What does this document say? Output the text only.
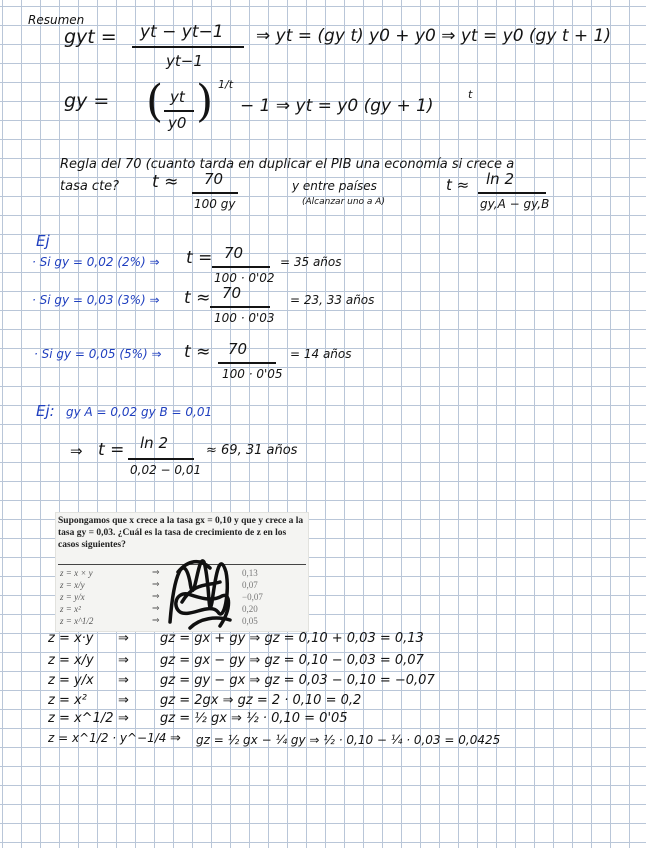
Resumen
gyt = yt − yt−1
yt−1
⇒ yt = (gy t) y0 + y0 ⇒ yt = y0 (gy t + 1)
gy = ( yt
y0 ) 1/t
− 1 ⇒ yt = y0 (gy + 1)
t
Regla del 70 (cuanto tarda en duplicar el PIB una economía si crece a
tasa cte? t ≈ 70
100 gy
y entre países
(Alcanzar uno a A)
t ≈ ln 2
gy,A − gy,B
Ej
· Si gy = 0,02 (2%) ⇒ t = 70
100 · 0'02
= 35 años
· Si gy = 0,03 (3%) ⇒ t ≈ 70
100 · 0'03
= 23, 33 años
· Si gy = 0,05 (5%) ⇒ t ≈ 70
100 · 0'05
= 14 años
Ej: gy A = 0,02 gy B = 0,01
⇒ t = ln 2
0,02 − 0,01
≈ 69, 31 años
Supongamos que x crece a la tasa gx = 0,10 y que y crece a la tasa gy = 0,03. ¿Cuál es la tasa de crecimiento de z en los casos siguientes?
z = x × y	⇒	0,13
z = x/y	⇒	0,07
z = y/x	⇒	−0,07
z = x²	⇒	0,20
z = x^1/2	⇒	0,05
z = x·y ⇒ gz = gx + gy ⇒ gz = 0,10 + 0,03 = 0,13
z = x/y ⇒ gz = gx − gy ⇒ gz = 0,10 − 0,03 = 0,07
z = y/x ⇒ gz = gy − gx ⇒ gz = 0,03 − 0,10 = −0,07
z = x² ⇒ gz = 2gx ⇒ gz = 2 · 0,10 = 0,2
z = x^1/2 ⇒ gz = ½ gx ⇒ ½ · 0,10 = 0'05
z = x^1/2 · y^−1/4 ⇒ gz = ½ gx − ¼ gy ⇒ ½ · 0,10 − ¼ · 0,03 = 0,0425
